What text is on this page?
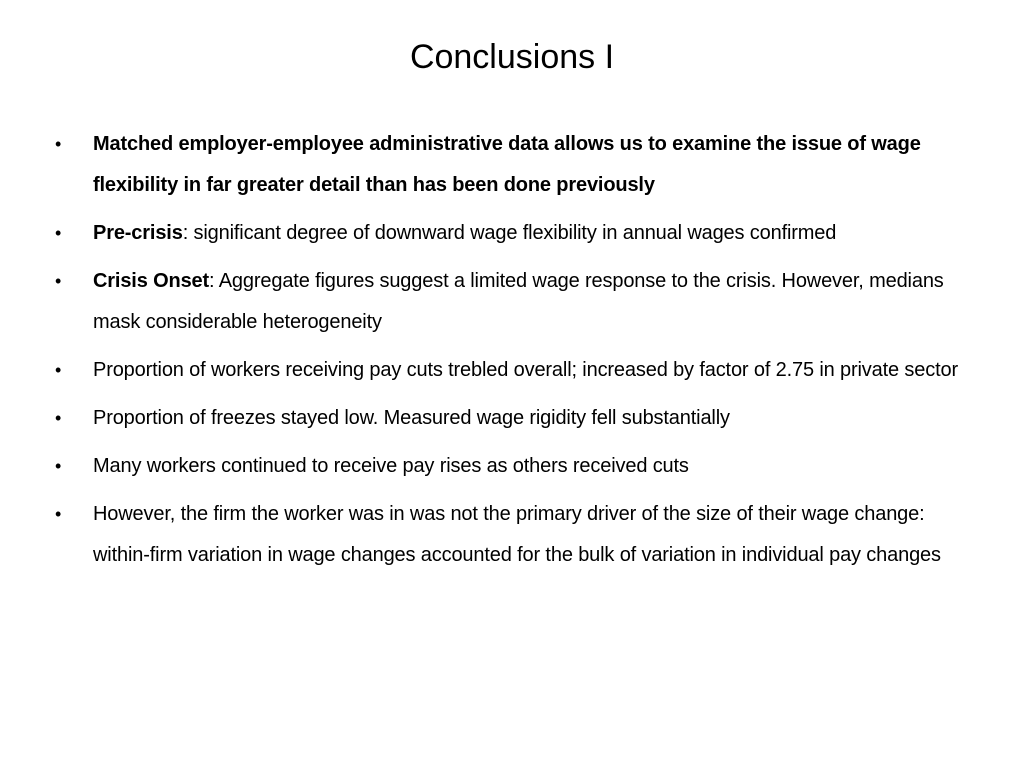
Conclusions I
•	Matched employer-employee administrative data allows us to examine the issue of wage flexibility in far greater detail than has been done previously
•	Pre-crisis: significant degree of downward wage flexibility in annual wages confirmed
•	Crisis Onset: Aggregate figures suggest a limited wage response to the crisis. However, medians mask considerable heterogeneity
•	Proportion of workers receiving pay cuts trebled overall; increased by factor of 2.75 in private sector
•	Proportion of freezes stayed low. Measured wage rigidity fell substantially
•	Many workers continued to receive pay rises as others received cuts
•	However, the firm the worker was in was not the primary driver of the size of their wage change: within-firm variation in wage changes accounted for the bulk of variation in individual pay changes
